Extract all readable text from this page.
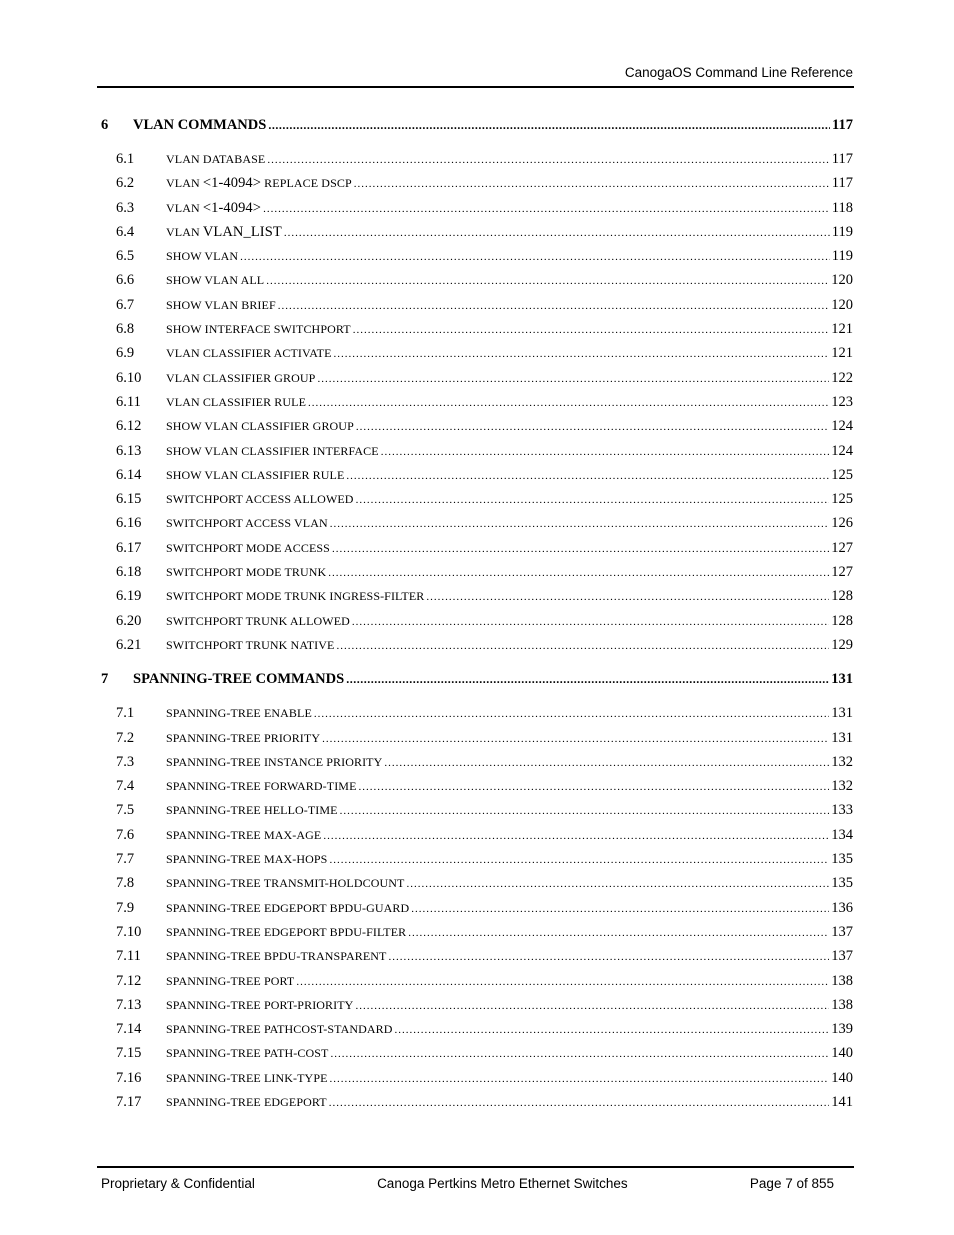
CanogaOS Command Line Reference
6	VLAN COMMANDS .....	117
6.1	VLAN DATABASE .....	117
6.2	VLAN <1-4094> REPLACE DSCP .....	117
6.3	VLAN <1-4094> .....	118
6.4	VLAN VLAN_LIST .....	119
6.5	SHOW VLAN .....	119
6.6	SHOW VLAN ALL .....	120
6.7	SHOW VLAN BRIEF .....	120
6.8	SHOW INTERFACE SWITCHPORT .....	121
6.9	VLAN CLASSIFIER ACTIVATE .....	121
6.10	VLAN CLASSIFIER GROUP .....	122
6.11	VLAN CLASSIFIER RULE .....	123
6.12	SHOW VLAN CLASSIFIER GROUP .....	124
6.13	SHOW VLAN CLASSIFIER INTERFACE .....	124
6.14	SHOW VLAN CLASSIFIER RULE .....	125
6.15	SWITCHPORT ACCESS ALLOWED .....	125
6.16	SWITCHPORT ACCESS VLAN .....	126
6.17	SWITCHPORT MODE ACCESS .....	127
6.18	SWITCHPORT MODE TRUNK .....	127
6.19	SWITCHPORT MODE TRUNK INGRESS-FILTER .....	128
6.20	SWITCHPORT TRUNK ALLOWED .....	128
6.21	SWITCHPORT TRUNK NATIVE .....	129
7	SPANNING-TREE COMMANDS .....	131
7.1	SPANNING-TREE ENABLE .....	131
7.2	SPANNING-TREE PRIORITY .....	131
7.3	SPANNING-TREE INSTANCE PRIORITY .....	132
7.4	SPANNING-TREE FORWARD-TIME .....	132
7.5	SPANNING-TREE HELLO-TIME .....	133
7.6	SPANNING-TREE MAX-AGE .....	134
7.7	SPANNING-TREE MAX-HOPS .....	135
7.8	SPANNING-TREE TRANSMIT-HOLDCOUNT .....	135
7.9	SPANNING-TREE EDGEPORT BPDU-GUARD .....	136
7.10	SPANNING-TREE EDGEPORT BPDU-FILTER .....	137
7.11	SPANNING-TREE BPDU-TRANSPARENT .....	137
7.12	SPANNING-TREE PORT .....	138
7.13	SPANNING-TREE PORT-PRIORITY .....	138
7.14	SPANNING-TREE PATHCOST-STANDARD .....	139
7.15	SPANNING-TREE PATH-COST .....	140
7.16	SPANNING-TREE LINK-TYPE .....	140
7.17	SPANNING-TREE EDGEPORT .....	141
Proprietary & Confidential	Canoga Pertkins Metro Ethernet Switches	Page 7 of 855
